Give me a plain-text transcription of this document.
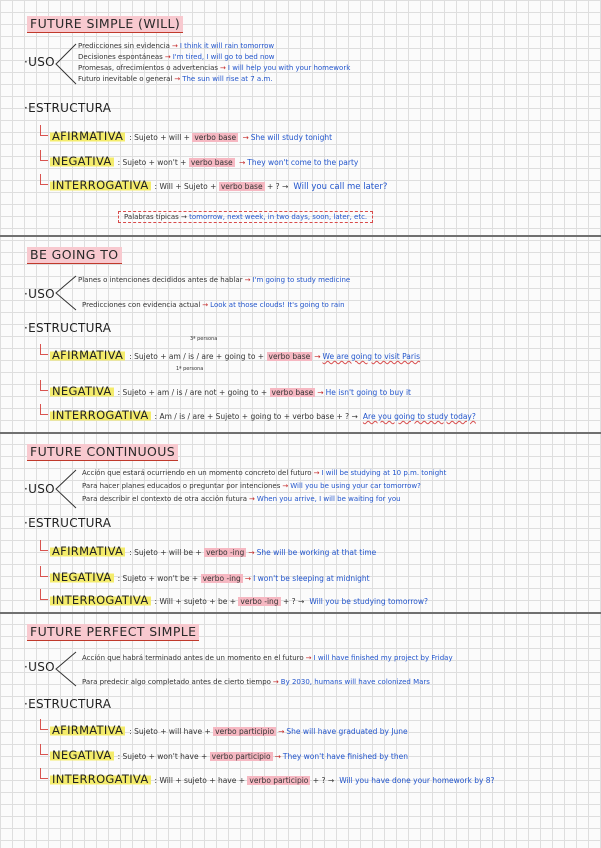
FUTURE SIMPLE (WILL)
·USO
Predicciones sin evidencia → I think it will rain tomorrow
Decisiones espontáneas → I'm tired, I will go to bed now
Promesas, ofrecimientos o advertencias → I will help you with your homework
Futuro inevitable o general → The sun will rise at 7 a.m.
·ESTRUCTURA
AFIRMATIVA : Sujeto + will + verbo base → She will study tonight
NEGATIVA : Sujeto + won't + verbo base → They won't come to the party
INTERROGATIVA : Will + Sujeto + verbo base + ? → Will you call me later?
Palabras típicas → tomorrow, next week, in two days, soon, later, etc.
BE GOING TO
·USO
Planes o intenciones decididos antes de hablar → I'm going to study medicine
Predicciones con evidencia actual → Look at those clouds! It's going to rain
·ESTRUCTURA
3ª persona
1ª persona
AFIRMATIVA : Sujeto + am / is / are + going to + verbo base → We are going to visit Paris
NEGATIVA : Sujeto + am / is / are not + going to + verbo base → He isn't going to buy it
INTERROGATIVA : Am / is / are + Sujeto + going to + verbo base + ? → Are you going to study today?
FUTURE CONTINUOUS
·USO
Acción que estará ocurriendo en un momento concreto del futuro → I will be studying at 10 p.m. tonight
Para hacer planes educados o preguntar por intenciones → Will you be using your car tomorrow?
Para describir el contexto de otra acción futura → When you arrive, I will be waiting for you
·ESTRUCTURA
AFIRMATIVA : Sujeto + will be + verbo -ing → She will be working at that time
NEGATIVA : Sujeto + won't be + verbo -ing → I won't be sleeping at midnight
INTERROGATIVA : Will + sujeto + be + verbo -ing + ? → Will you be studying tomorrow?
FUTURE PERFECT SIMPLE
·USO
Acción que habrá terminado antes de un momento en el futuro → I will have finished my project by Friday
Para predecir algo completado antes de cierto tiempo → By 2030, humans will have colonized Mars
·ESTRUCTURA
AFIRMATIVA : Sujeto + will have + verbo participio → She will have graduated by June
NEGATIVA : Sujeto + won't have + verbo participio → They won't have finished by then
INTERROGATIVA : Will + sujeto + have + verbo participio + ? → Will you have done your homework by 8?
